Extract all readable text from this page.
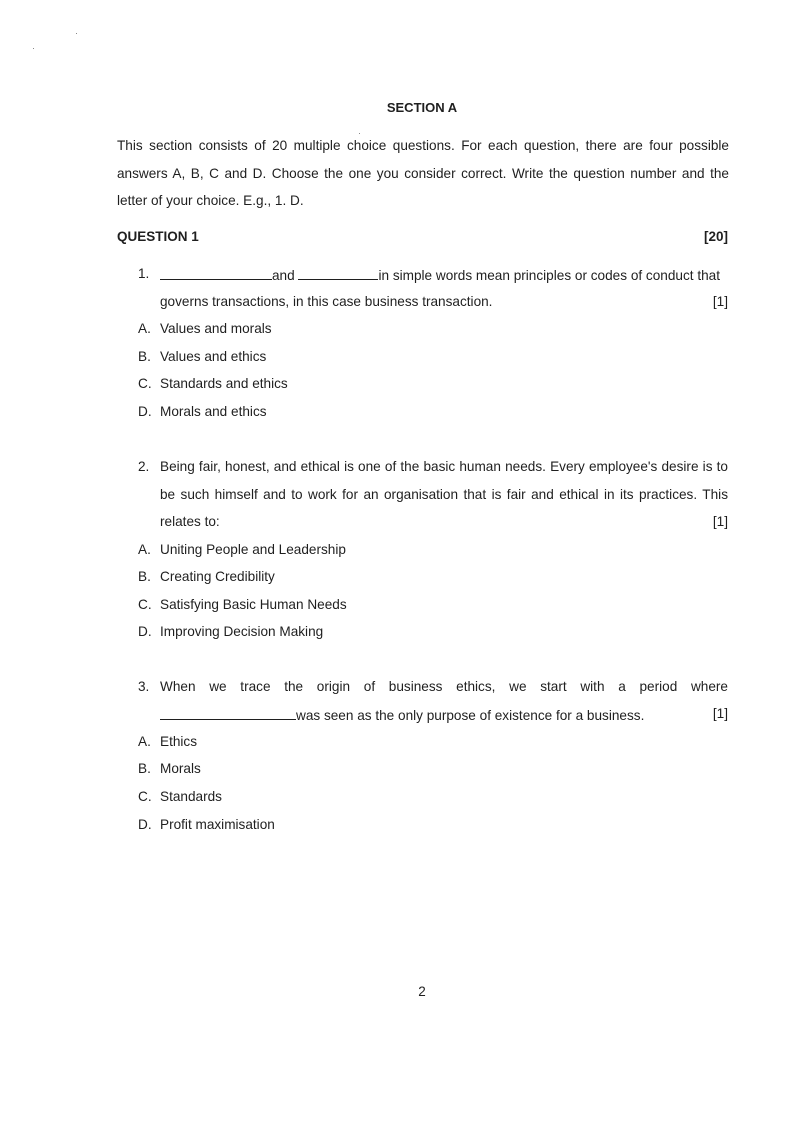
SECTION A
This section consists of 20 multiple choice questions. For each question, there are four possible answers A, B, C and D. Choose the one you consider correct. Write the question number and the letter of your choice. E.g., 1. D.
QUESTION 1	[20]
1.	and	in simple words mean principles or codes of conduct that
governs transactions, in this case business transaction.	[1]
A. Values and morals
B. Values and ethics
C. Standards and ethics
D. Morals and ethics
2. Being fair, honest, and ethical is one of the basic human needs. Every employee's desire is to
be such himself and to work for an organisation that is fair and ethical in its practices. This
relates to:	[1]
A. Uniting People and Leadership
B. Creating Credibility
C. Satisfying Basic Human Needs
D. Improving Decision Making
3. When we trace the origin of business ethics, we start with a period where
was seen as the only purpose of existence for a business.	[1]
A. Ethics
B. Morals
C. Standards
D. Profit maximisation
2
